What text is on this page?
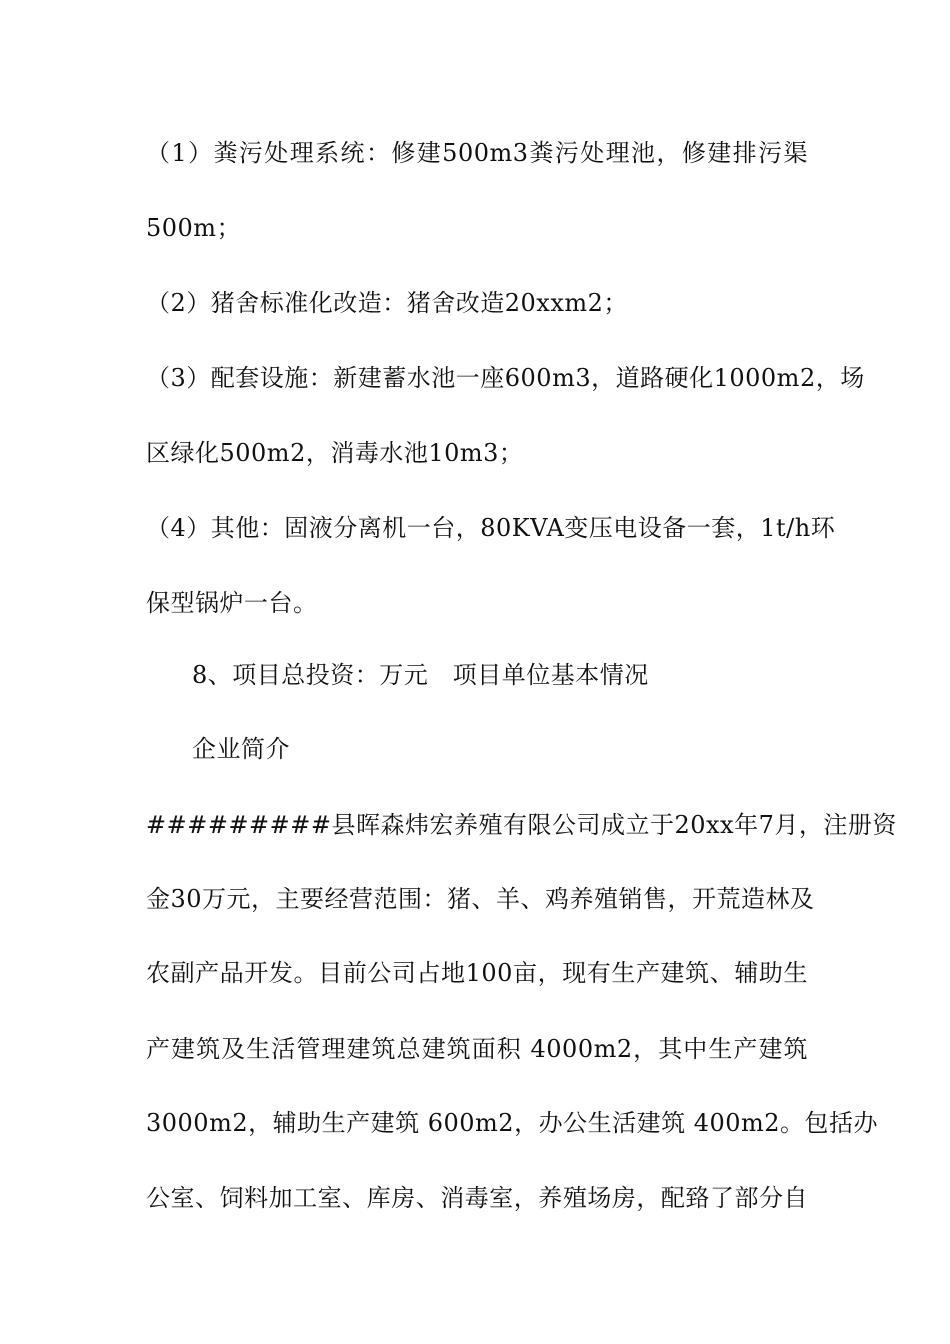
（1）粪污处理系统：修建500m3粪污处理池，修建排污渠
500m；
（2）猪舍标准化改造：猪舍改造20xxm2；
（3）配套设施：新建蓄水池一座600m3，道路硬化1000m2，场
区绿化500m2，消毒水池10m3；
（4）其他：固液分离机一台，80KVA变压电设备一套，1t/h环
保型锅炉一台。
8、项目总投资：万元　项目单位基本情况
企业简介
#########县晖森炜宏养殖有限公司成立于20xx年7月，注册资
金30万元，主要经营范围：猪、羊、鸡养殖销售，开荒造林及
农副产品开发。目前公司占地100亩，现有生产建筑、辅助生
产建筑及生活管理建筑总建筑面积 4000m2，其中生产建筑
3000m2，辅助生产建筑 600m2，办公生活建筑 400m2。包括办
公室、饲料加工室、库房、消毒室，养殖场房，配臵了部分自
